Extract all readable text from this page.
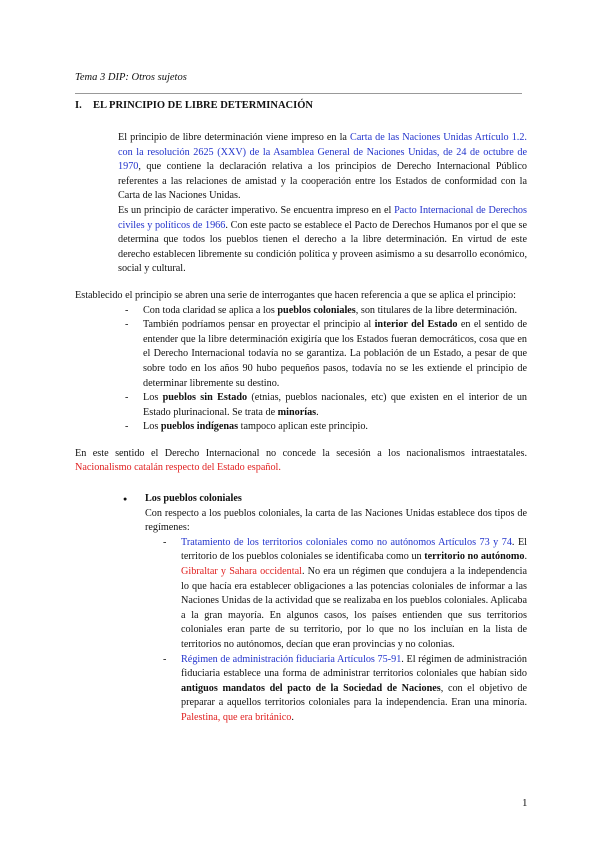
Tema 3 DIP: Otros sujetos
I. EL PRINCIPIO DE LIBRE DETERMINACIÓN

El principio de libre determinación viene impreso en la Carta de las Naciones Unidas Artículo 1.2. con la resolución 2625 (XXV) de la Asamblea General de Naciones Unidas, de 24 de octubre de 1970, que contiene la declaración relativa a los principios de Derecho Internacional Público referentes a las relaciones de amistad y la cooperación entre los Estados de conformidad con la Carta de las Naciones Unidas.

Es un principio de carácter imperativo. Se encuentra impreso en el Pacto Internacional de Derechos civiles y políticos de 1966. Con este pacto se establece el Pacto de Derechos Humanos por el que se determina que todos los pueblos tienen el derecho a la libre determinación. En virtud de este derecho establecen libremente su condición política y proveen asimismo a su desarrollo económico, social y cultural.

Establecido el principio se abren una serie de interrogantes que hacen referencia a que se aplica el principio:

- Con toda claridad se aplica a los pueblos coloniales, son titulares de la libre determinación.
- También podríamos pensar en proyectar el principio al interior del Estado en el sentido de entender que la libre determinación exigiría que los Estados fueran democráticos, cosa que en el Derecho Internacional todavía no se garantiza. La población de un Estado, a pesar de que sobre todo en los años 90 hubo pequeños pasos, todavía no se les extiende el principio de determinar libremente su destino.
- Los pueblos sin Estado (etnias, pueblos nacionales, etc) que existen en el interior de un Estado plurinacional. Se trata de minorías.
- Los pueblos indígenas tampoco aplican este principio.

En este sentido el Derecho Internacional no concede la secesión a los nacionalismos intraestatales. Nacionalismo catalán respecto del Estado español.

● Los pueblos coloniales

Con respecto a los pueblos coloniales, la carta de las Naciones Unidas establece dos tipos de regímenes:

- Tratamiento de los territorios coloniales como no autónomos Artículos 73 y 74. El territorio de los pueblos coloniales se identificaba como un territorio no autónomo. Gibraltar y Sahara occidental. No era un régimen que condujera a la independencia lo que hacía era establecer obligaciones a las potencias coloniales de informar a las Naciones Unidas de la actividad que se realizaba en los pueblos coloniales. Aplicaba a la gran mayoría. En algunos casos, los países entienden que sus territorios coloniales eran parte de su territorio, por lo que no los incluían en la lista de territorios no autónomos, decían que eran provincias y no colonias.
- Régimen de administración fiduciaria Artículos 75-91. El régimen de administración fiduciaria establece una forma de administrar territorios coloniales que habían sido antiguos mandatos del pacto de la Sociedad de Naciones, con el objetivo de preparar a aquellos territorios coloniales para la independencia. Eran una minoría. Palestina, que era británico.
1
